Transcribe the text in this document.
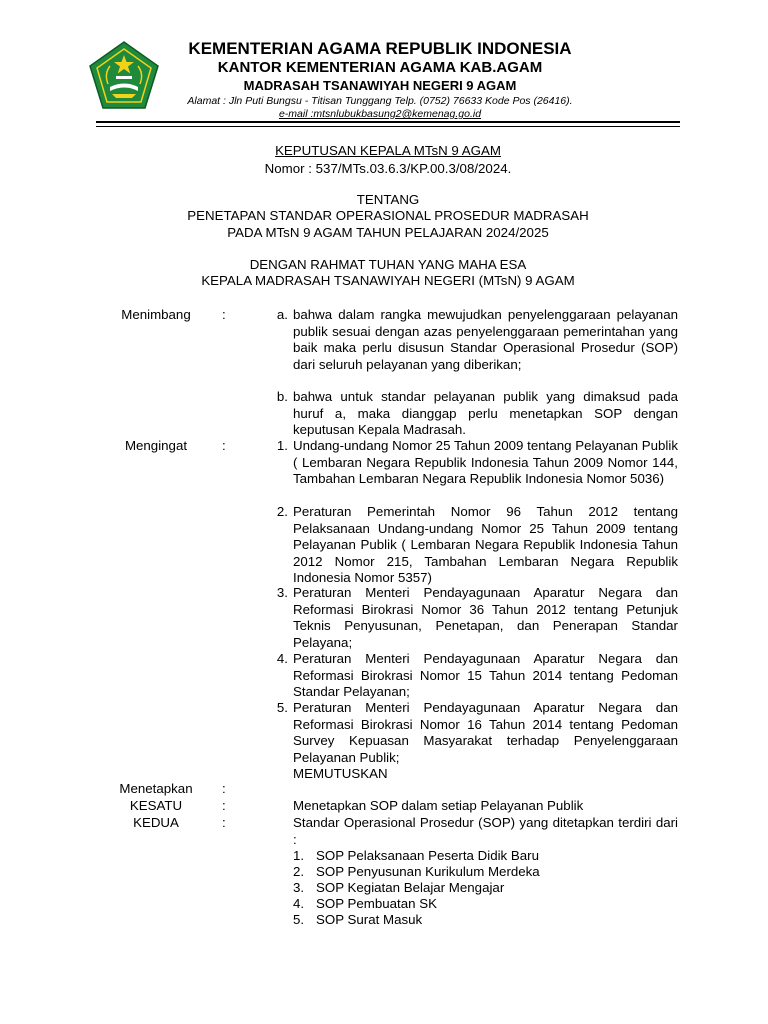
KEMENTERIAN AGAMA REPUBLIK INDONESIA
KANTOR KEMENTERIAN AGAMA KAB.AGAM
MADRASAH TSANAWIYAH NEGERI 9 AGAM
Alamat : Jln Puti Bungsu - Titisan Tunggang Telp. (0752) 76633 Kode Pos (26416).
e-mail :mtsnlubukbasung2@kemenag.go.id
KEPUTUSAN KEPALA MTsN 9 AGAM
Nomor : 537/MTs.03.6.3/KP.00.3/08/2024.
TENTANG
PENETAPAN STANDAR OPERASIONAL PROSEDUR MADRASAH
PADA MTsN 9 AGAM TAHUN PELAJARAN 2024/2025
DENGAN RAHMAT TUHAN YANG MAHA ESA
KEPALA MADRASAH TSANAWIYAH NEGERI (MTsN) 9 AGAM
Menimbang	:	a. bahwa dalam rangka mewujudkan penyelenggaraan pelayanan publik sesuai dengan azas penyelenggaraan pemerintahan yang baik maka perlu disusun Standar Operasional Prosedur (SOP) dari seluruh pelayanan yang diberikan;
b. bahwa untuk standar pelayanan publik yang dimaksud pada huruf a, maka dianggap perlu menetapkan SOP dengan keputusan Kepala Madrasah.
Mengingat	:	1. Undang-undang Nomor 25 Tahun 2009 tentang Pelayanan Publik ( Lembaran Negara Republik Indonesia Tahun 2009 Nomor 144, Tambahan Lembaran Negara Republik Indonesia Nomor 5036)
2. Peraturan Pemerintah Nomor 96 Tahun 2012 tentang Pelaksanaan Undang-undang Nomor 25 Tahun 2009 tentang Pelayanan Publik ( Lembaran Negara Republik Indonesia Tahun 2012 Nomor 215, Tambahan Lembaran Negara Republik Indonesia Nomor 5357)
3. Peraturan Menteri Pendayagunaan Aparatur Negara dan Reformasi Birokrasi Nomor 36 Tahun 2012 tentang Petunjuk Teknis Penyusunan, Penetapan, dan Penerapan Standar Pelayana;
4. Peraturan Menteri Pendayagunaan Aparatur Negara dan Reformasi Birokrasi Nomor 15 Tahun 2014 tentang Pedoman Standar Pelayanan;
5. Peraturan Menteri Pendayagunaan Aparatur Negara dan Reformasi Birokrasi Nomor 16 Tahun 2014 tentang Pedoman Survey Kepuasan Masyarakat terhadap Penyelenggaraan Pelayanan Publik;
MEMUTUSKAN
Menetapkan	:
KESATU	:	Menetapkan SOP dalam setiap Pelayanan Publik
KEDUA	:	Standar Operasional Prosedur (SOP) yang ditetapkan terdiri dari :
1. SOP Pelaksanaan Peserta Didik Baru
2. SOP Penyusunan Kurikulum Merdeka
3. SOP Kegiatan Belajar Mengajar
4. SOP Pembuatan SK
5. SOP Surat Masuk
